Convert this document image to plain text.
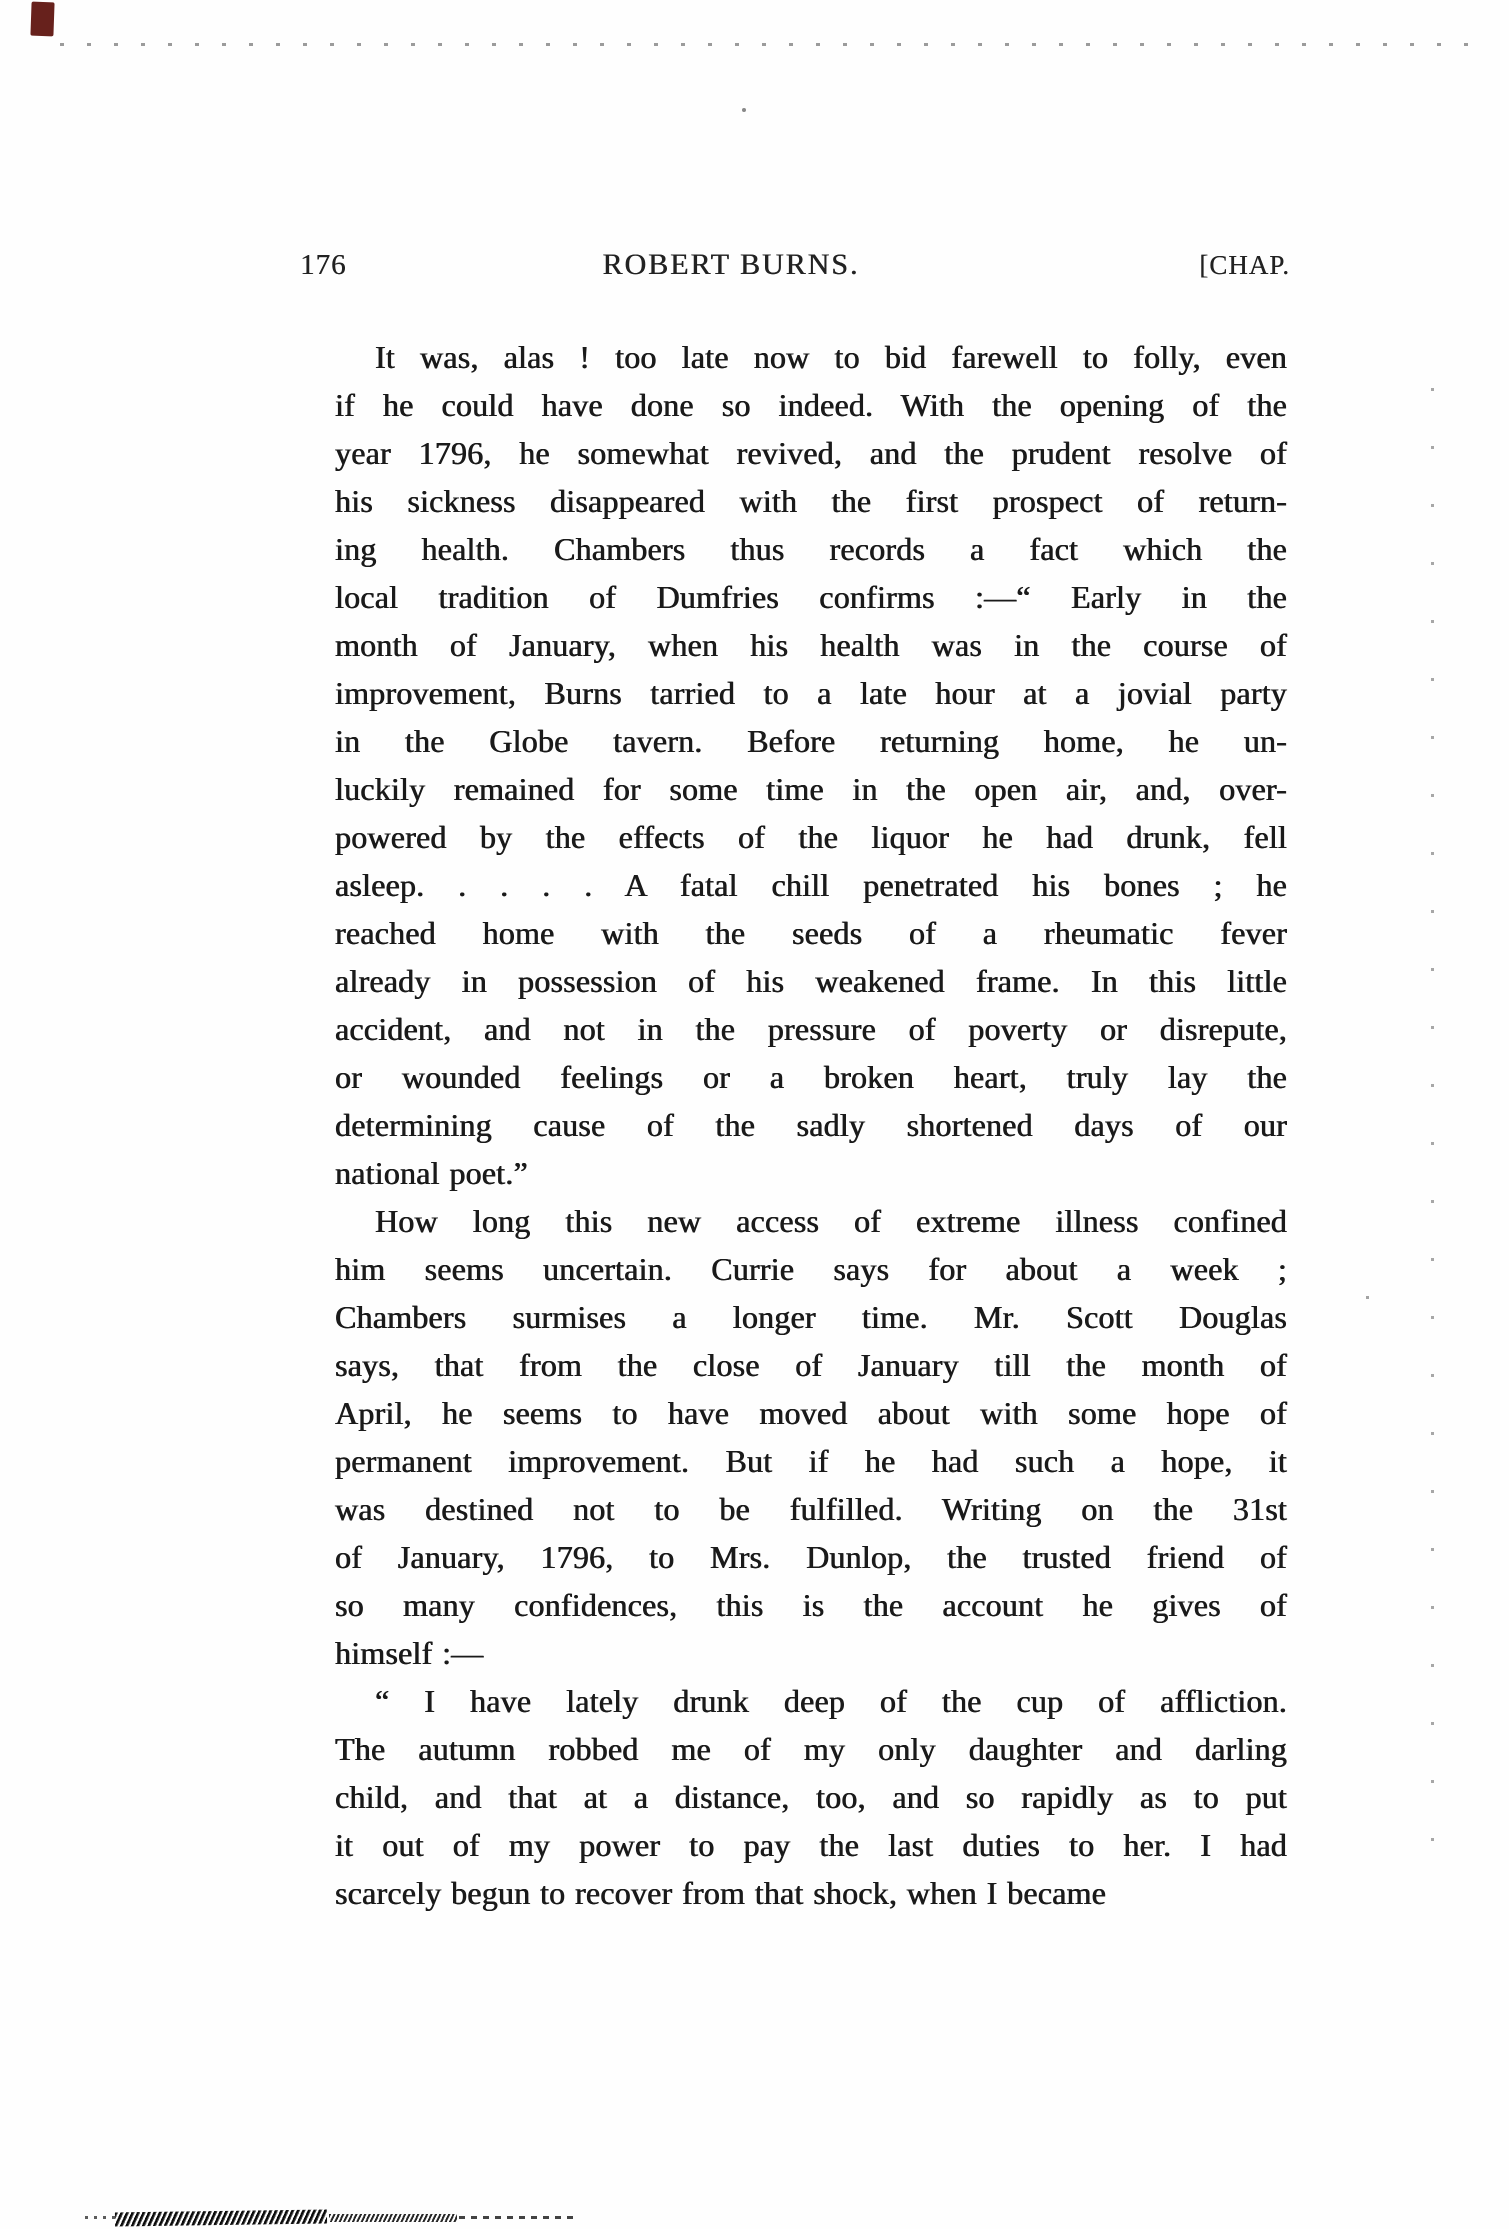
176	ROBERT BURNS.	[CHAP.
It was, alas ! too late now to bid farewell to folly, even
if he could have done so indeed. With the opening of the
year 1796, he somewhat revived, and the prudent resolve of
his sickness disappeared with the first prospect of return-
ing health. Chambers thus records a fact which the
local tradition of Dumfries confirms :—“ Early in the
month of January, when his health was in the course of
improvement, Burns tarried to a late hour at a jovial party
in the Globe tavern. Before returning home, he un-
luckily remained for some time in the open air, and, over-
powered by the effects of the liquor he had drunk, fell
asleep. . . . . A fatal chill penetrated his bones ; he
reached home with the seeds of a rheumatic fever
already in possession of his weakened frame. In this little
accident, and not in the pressure of poverty or disrepute,
or wounded feelings or a broken heart, truly lay the
determining cause of the sadly shortened days of our
national poet.”
How long this new access of extreme illness confined
him seems uncertain. Currie says for about a week ;
Chambers surmises a longer time. Mr. Scott Douglas
says, that from the close of January till the month of
April, he seems to have moved about with some hope of
permanent improvement. But if he had such a hope, it
was destined not to be fulfilled. Writing on the 31st
of January, 1796, to Mrs. Dunlop, the trusted friend of
so many confidences, this is the account he gives of
himself :—
“ I have lately drunk deep of the cup of affliction.
The autumn robbed me of my only daughter and darling
child, and that at a distance, too, and so rapidly as to put
it out of my power to pay the last duties to her. I had
scarcely begun to recover from that shock, when I became
